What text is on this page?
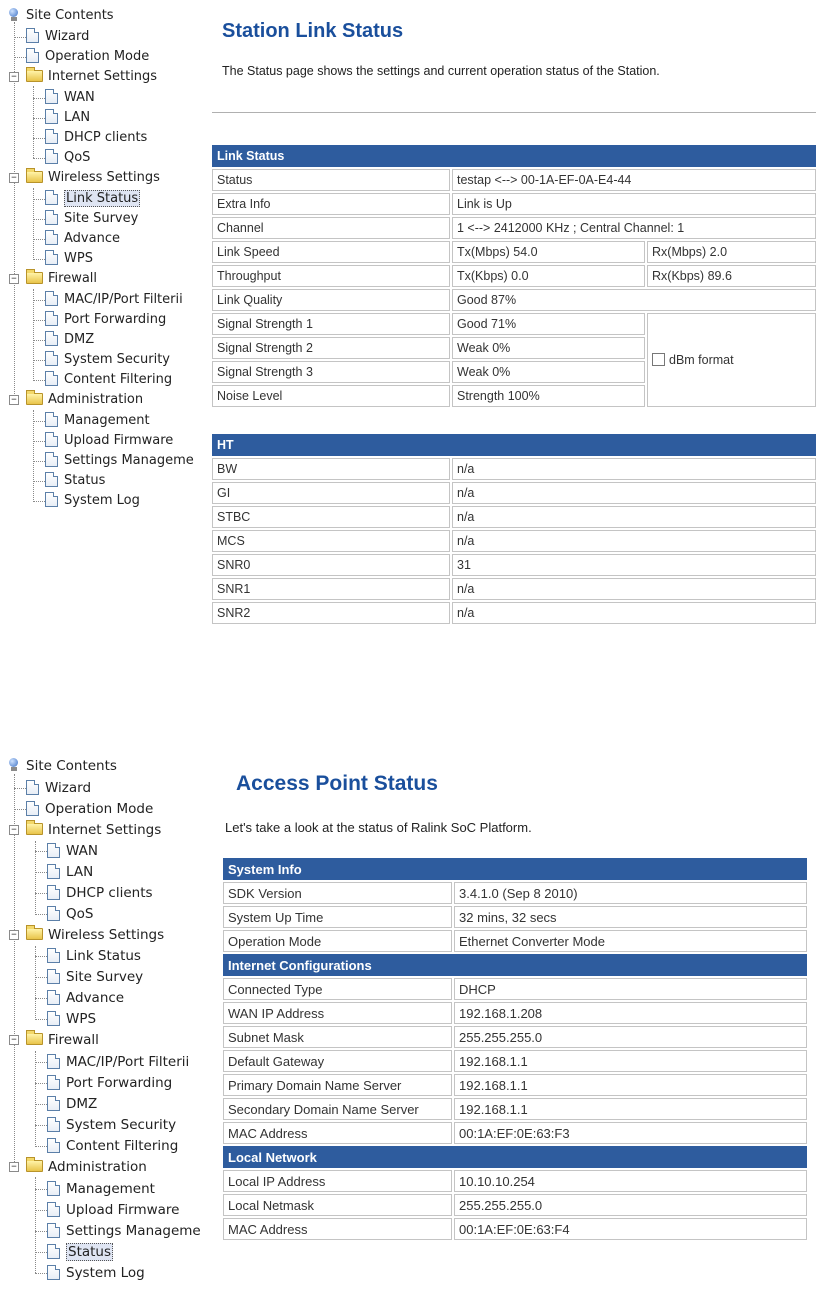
Site Contents
Wizard
Operation Mode
−	Internet Settings
WAN
LAN
DHCP clients
QoS
−	Wireless Settings
Link Status
Site Survey
Advance
WPS
−	Firewall
MAC/IP/Port Filterii
Port Forwarding
DMZ
System Security
Content Filtering
−	Administration
Management
Upload Firmware
Settings Manageme
Status
System Log
Station Link Status
The Status page shows the settings and current operation status of the Station.
Link Status		
Status	testap <--> 00-1A-EF-0A-E4-44	
Extra Info	Link is Up	
Channel	1 <--> 2412000 KHz ; Central Channel: 1	
Link Speed	Tx(Mbps) 54.0	Rx(Mbps) 2.0
Throughput	Tx(Kbps) 0.0	Rx(Kbps) 89.6
Link Quality	Good 87%	
Signal Strength 1	Good 71%	dBm format
Signal Strength 2	Weak 0%	
Signal Strength 3	Weak 0%	
Noise Level	Strength 100%	
HT	
BW	n/a
GI	n/a
STBC	n/a
MCS	n/a
SNR0	31
SNR1	n/a
SNR2	n/a
Site Contents
Wizard
Operation Mode
−	Internet Settings
WAN
LAN
DHCP clients
QoS
−	Wireless Settings
Link Status
Site Survey
Advance
WPS
−	Firewall
MAC/IP/Port Filterii
Port Forwarding
DMZ
System Security
Content Filtering
−	Administration
Management
Upload Firmware
Settings Manageme
Status
System Log
Access Point Status
Let's take a look at the status of Ralink SoC Platform.
System Info	
SDK Version	3.4.1.0 (Sep 8 2010)
System Up Time	32 mins, 32 secs
Operation Mode	Ethernet Converter Mode
Internet Configurations	
Connected Type	DHCP
WAN IP Address	192.168.1.208
Subnet Mask	255.255.255.0
Default Gateway	192.168.1.1
Primary Domain Name Server	192.168.1.1
Secondary Domain Name Server	192.168.1.1
MAC Address	00:1A:EF:0E:63:F3
Local Network	
Local IP Address	10.10.10.254
Local Netmask	255.255.255.0
MAC Address	00:1A:EF:0E:63:F4
